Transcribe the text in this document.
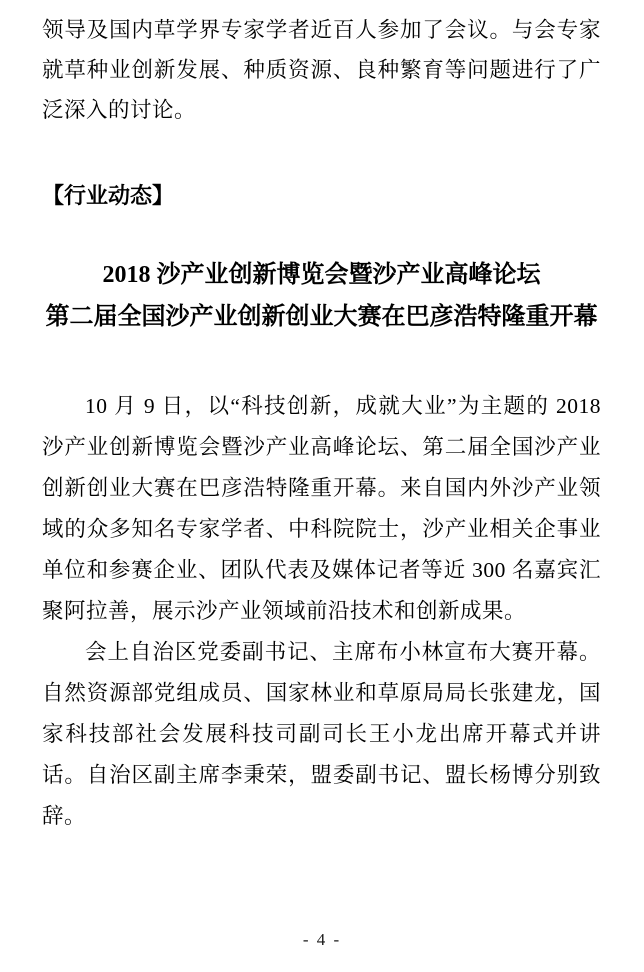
领导及国内草学界专家学者近百人参加了会议。与会专家就草种业创新发展、种质资源、良种繁育等问题进行了广泛深入的讨论。

【行业动态】
2018 沙产业创新博览会暨沙产业高峰论坛
第二届全国沙产业创新创业大赛在巴彦浩特隆重开幕

10 月 9 日，以“科技创新，成就大业”为主题的 2018 沙产业创新博览会暨沙产业高峰论坛、第二届全国沙产业创新创业大赛在巴彦浩特隆重开幕。来自国内外沙产业领域的众多知名专家学者、中科院院士，沙产业相关企事业单位和参赛企业、团队代表及媒体记者等近 300 名嘉宾汇聚阿拉善，展示沙产业领域前沿技术和创新成果。

会上自治区党委副书记、主席布小林宣布大赛开幕。自然资源部党组成员、国家林业和草原局局长张建龙，国家科技部社会发展科技司副司长王小龙出席开幕式并讲话。自治区副主席李秉荣，盟委副书记、盟长杨博分别致辞。

- 4 -
